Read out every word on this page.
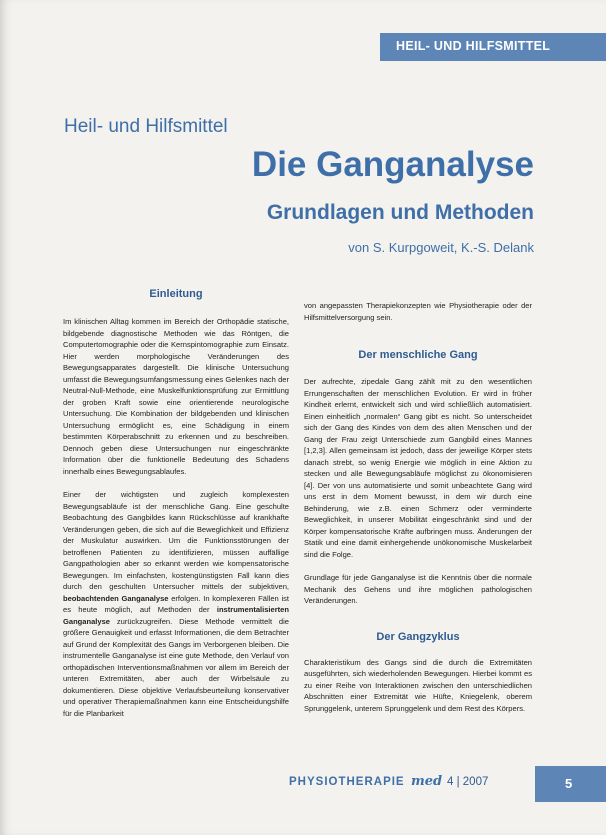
HEIL- UND HILFSMITTEL
Heil- und Hilfsmittel
Die Ganganalyse
Grundlagen und Methoden
von S. Kurpgoweit, K.-S. Delank
Einleitung

Im klinischen Alltag kommen im Bereich der Orthopädie statische, bildgebende diagnostische Methoden wie das Röntgen, die Computertomographie oder die Kernspintomographie zum Einsatz. Hier werden morphologische Veränderungen des Bewegungsapparates dargestellt. Die klinische Untersuchung umfasst die Bewegungsumfangsmessung eines Gelenkes nach der Neutral-Null-Methode, eine Muskelfunktionsprüfung zur Ermittlung der groben Kraft sowie eine orientierende neurologische Untersuchung. Die Kombination der bildgebenden und klinischen Untersuchung ermöglicht es, eine Schädigung in einem bestimmten Körperabschnitt zu erkennen und zu beschreiben. Dennoch geben diese Untersuchungen nur eingeschränkte Information über die funktionelle Bedeutung des Schadens innerhalb eines Bewegungsablaufes.

Einer der wichtigsten und zugleich komplexesten Bewegungsabläufe ist der menschliche Gang. Eine geschulte Beobachtung des Gangbildes kann Rückschlüsse auf krankhafte Veränderungen geben, die sich auf die Beweglichkeit und Effizienz der Muskulatur auswirken. Um die Funktionsstörungen der betroffenen Patienten zu identifizieren, müssen auffällige Gangpathologien aber so erkannt werden wie kompensatorische Bewegungen. Im einfachsten, kostengünstigsten Fall kann dies durch den geschulten Untersucher mittels der subjektiven, beobachtenden Ganganalyse erfolgen. In komplexeren Fällen ist es heute möglich, auf Methoden der instrumentalisierten Ganganalyse zurückzugreifen. Diese Methode vermittelt die größere Genauigkeit und erfasst Informationen, die dem Betrachter auf Grund der Komplexität des Gangs im Verborgenen bleiben. Die instrumentelle Ganganalyse ist eine gute Methode, den Verlauf von orthopädischen Interventionsmaßnahmen vor allem im Bereich der unteren Extremitäten, aber auch der Wirbelsäule zu dokumentieren. Diese objektive Verlaufsbeurteilung konservativer und operativer Therapiemaßnahmen kann eine Entscheidungshilfe für die Planbarkeit

von angepassten Therapiekonzepten wie Physiotherapie oder der Hilfsmittelversorgung sein.

Der menschliche Gang

Der aufrechte, zipedale Gang zählt mit zu den wesentlichen Errungenschaften der menschlichen Evolution. Er wird in früher Kindheit erlernt, entwickelt sich und wird schließlich automatisiert. Einen einheitlich „normalen“ Gang gibt es nicht. So unterscheidet sich der Gang des Kindes von dem des alten Menschen und der Gang der Frau zeigt Unterschiede zum Gangbild eines Mannes [1,2,3]. Allen gemeinsam ist jedoch, dass der jeweilige Körper stets danach strebt, so wenig Energie wie möglich in eine Aktion zu stecken und alle Bewegungsabläufe möglichst zu ökonomisieren [4]. Der von uns automatisierte und somit unbeachtete Gang wird uns erst in dem Moment bewusst, in dem wir durch eine Behinderung, wie z.B. einen Schmerz oder verminderte Beweglichkeit, in unserer Mobilität eingeschränkt sind und der Körper kompensatorische Kräfte aufbringen muss. Änderungen der Statik und eine damit einhergehende unökonomische Muskelarbeit sind die Folge.

Grundlage für jede Ganganalyse ist die Kenntnis über die normale Mechanik des Gehens und ihre möglichen pathologischen Veränderungen.

Der Gangzyklus

Charakteristikum des Gangs sind die durch die Extremitäten ausgeführten, sich wiederholenden Bewegungen. Hierbei kommt es zu einer Reihe von Interaktionen zwischen den unterschiedlichen Abschnitten einer Extremität wie Hüfte, Kniegelenk, oberem Sprunggelenk, unterem Sprunggelenk und dem Rest des Körpers.

PHYSIOTHERAPIE med 4 | 2007	5
